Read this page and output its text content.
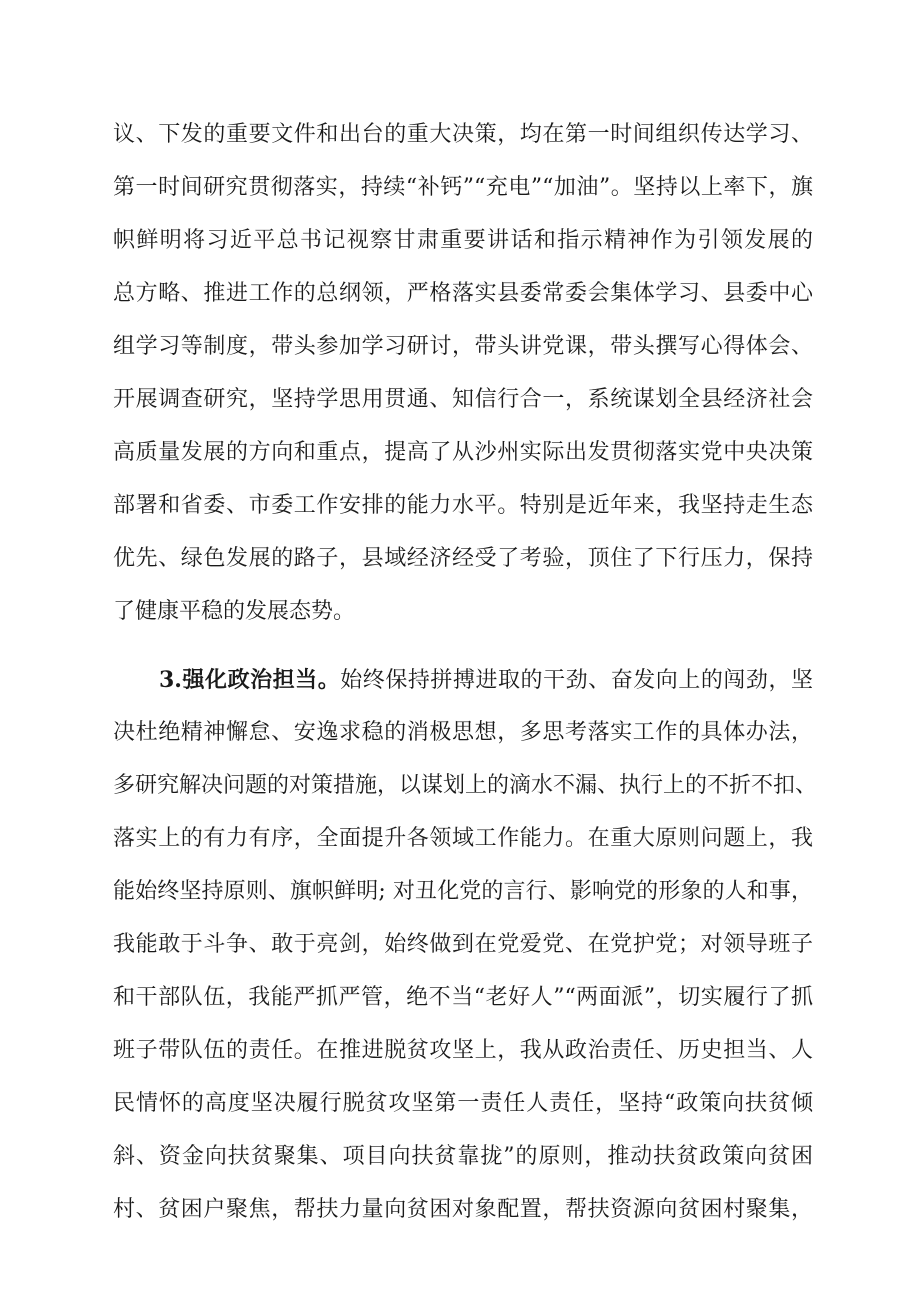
议、下发的重要文件和出台的重大决策，均在第一时间组织传达学习、
第一时间研究贯彻落实，持续“补钙”“充电”“加油”。坚持以上率下，旗
帜鲜明将习近平总书记视察甘肃重要讲话和指示精神作为引领发展的
总方略、推进工作的总纲领，严格落实县委常委会集体学习、县委中心
组学习等制度，带头参加学习研讨，带头讲党课，带头撰写心得体会、
开展调查研究，坚持学思用贯通、知信行合一，系统谋划全县经济社会
高质量发展的方向和重点，提高了从沙州实际出发贯彻落实党中央决策
部署和省委、市委工作安排的能力水平。特别是近年来，我坚持走生态
优先、绿色发展的路子，县域经济经受了考验，顶住了下行压力，保持
了健康平稳的发展态势。
3.强化政治担当。始终保持拼搏进取的干劲、奋发向上的闯劲，坚
决杜绝精神懈怠、安逸求稳的消极思想，多思考落实工作的具体办法，
多研究解决问题的对策措施，以谋划上的滴水不漏、执行上的不折不扣、
落实上的有力有序，全面提升各领域工作能力。在重大原则问题上，我
能始终坚持原则、旗帜鲜明; 对丑化党的言行、影响党的形象的人和事，
我能敢于斗争、敢于亮剑，始终做到在党爱党、在党护党；对领导班子
和干部队伍，我能严抓严管，绝不当“老好人”“两面派”，切实履行了抓
班子带队伍的责任。在推进脱贫攻坚上，我从政治责任、历史担当、人
民情怀的高度坚决履行脱贫攻坚第一责任人责任，坚持“政策向扶贫倾
斜、资金向扶贫聚集、项目向扶贫靠拢”的原则，推动扶贫政策向贫困
村、贫困户聚焦，帮扶力量向贫困对象配置，帮扶资源向贫困村聚集，
